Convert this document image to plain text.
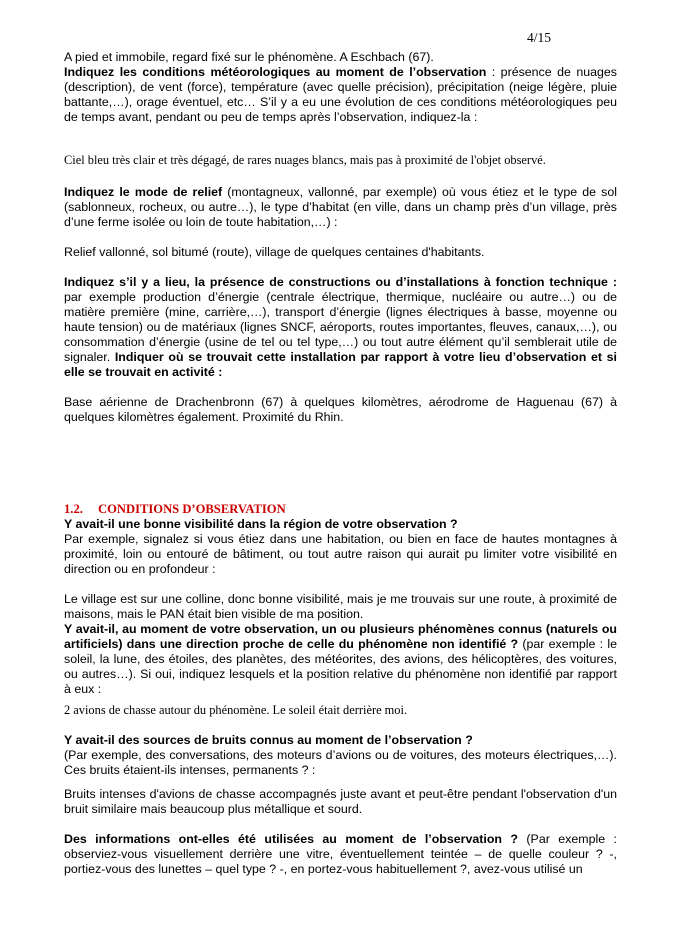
4/15

A pied et immobile, regard fixé sur le phénomène. A Eschbach (67).

Indiquez les conditions météorologiques au moment de l’observation : présence de nuages (description), de vent (force), température (avec quelle précision), précipitation (neige légère, pluie battante,…), orage éventuel, etc… S’il y a eu une évolution de ces conditions météorologiques peu de temps avant, pendant ou peu de temps après l’observation, indiquez-la :

Ciel bleu très clair et très dégagé, de rares nuages blancs, mais pas à proximité de l'objet observé.

Indiquez le mode de relief (montagneux, vallonné, par exemple) où vous étiez et le type de sol (sablonneux, rocheux, ou autre…), le type d’habitat (en ville, dans un champ près d’un village, près d’une ferme isolée ou loin de toute habitation,…) :

Relief vallonné, sol bitumé (route), village de quelques centaines d'habitants.

Indiquez s’il y a lieu, la présence de constructions ou d’installations à fonction technique : par exemple production d’énergie (centrale électrique, thermique, nucléaire ou autre…) ou de matière première (mine, carrière,…), transport d’énergie (lignes électriques à basse, moyenne ou haute tension) ou de matériaux (lignes SNCF, aéroports, routes importantes, fleuves, canaux,…), ou consommation d’énergie (usine de tel ou tel type,…) ou tout autre élément qu’il semblerait utile de signaler. Indiquer où se trouvait cette installation par rapport à votre lieu d’observation et si elle se trouvait en activité :

Base aérienne de Drachenbronn (67) à quelques kilomètres, aérodrome de Haguenau (67) à quelques kilomètres également. Proximité du Rhin.

1.2. CONDITIONS D’OBSERVATION

Y avait-il une bonne visibilité dans la région de votre observation ?
Par exemple, signalez si vous étiez dans une habitation, ou bien en face de hautes montagnes à proximité, loin ou entouré de bâtiment, ou tout autre raison qui aurait pu limiter votre visibilité en direction ou en profondeur :

Le village est sur une colline, donc bonne visibilité, mais je me trouvais sur une route, à proximité de maisons, mais le PAN était bien visible de ma position.

Y avait-il, au moment de votre observation, un ou plusieurs phénomènes connus (naturels ou artificiels) dans une direction proche de celle du phénomène non identifié ? (par exemple : le soleil, la lune, des étoiles, des planètes, des météorites, des avions, des hélicoptères, des voitures, ou autres…). Si oui, indiquez lesquels et la position relative du phénomène non identifié par rapport à eux :

2 avions de chasse autour du phénomène. Le soleil était derrière moi.

Y avait-il des sources de bruits connus au moment de l’observation ?
(Par exemple, des conversations, des moteurs d’avions ou de voitures, des moteurs électriques,…). Ces bruits étaient-ils intenses, permanents ? :

Bruits intenses d'avions de chasse accompagnés juste avant et peut-être pendant l'observation d'un bruit similaire mais beaucoup plus métallique et sourd.

Des informations ont-elles été utilisées au moment de l’observation ? (Par exemple : observiez-vous visuellement derrière une vitre, éventuellement teintée – de quelle couleur ? -, portiez-vous des lunettes – quel type ? -, en portez-vous habituellement ?, avez-vous utilisé un
